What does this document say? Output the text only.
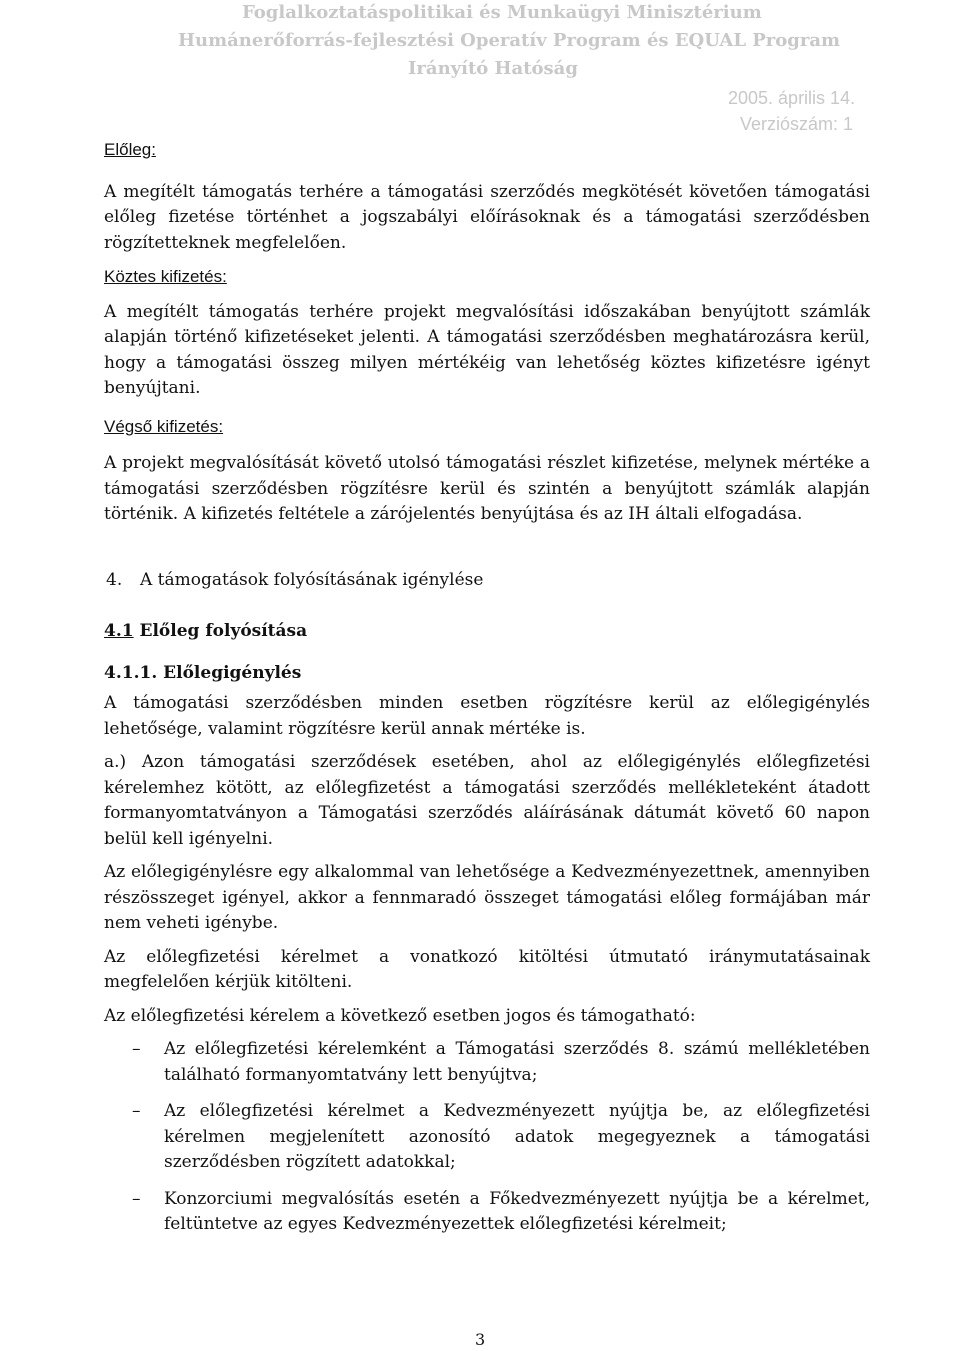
Foglalkoztatáspolitikai és Munkaügyi Minisztérium
Humánerőforrás-fejlesztési Operatív Program és EQUAL Program
Irányító Hatóság
2005. április 14.
Verziószám: 1
Előleg:

A megítélt támogatás terhére a támogatási szerződés megkötését követően támogatási előleg fizetése történhet a jogszabályi előírásoknak és a támogatási szerződésben rögzítetteknek megfelelően.

Köztes kifizetés:

A megítélt támogatás terhére projekt megvalósítási időszakában benyújtott számlák alapján történő kifizetéseket jelenti. A támogatási szerződésben meghatározásra kerül, hogy a támogatási összeg milyen mértékéig van lehetőség köztes kifizetésre igényt benyújtani.

Végső kifizetés:

A projekt megvalósítását követő utolsó támogatási részlet kifizetése, melynek mértéke a támogatási szerződésben rögzítésre kerül és szintén a benyújtott számlák alapján történik. A kifizetés feltétele a zárójelentés benyújtása és az IH általi elfogadása.

4. A támogatások folyósításának igénylése
4.1 Előleg folyósítása
4.1.1. Előlegigénylés

A támogatási szerződésben minden esetben rögzítésre kerül az előlegigénylés lehetősége, valamint rögzítésre kerül annak mértéke is.

a.) Azon támogatási szerződések esetében, ahol az előlegigénylés előlegfizetési kérelemhez kötött, az előlegfizetést a támogatási szerződés mellékleteként átadott formanyomtatványon a Támogatási szerződés aláírásának dátumát követő 60 napon belül kell igényelni.

Az előlegigénylésre egy alkalommal van lehetősége a Kedvezményezettnek, amennyiben részösszeget igényel, akkor a fennmaradó összeget támogatási előleg formájában már nem veheti igénybe.

Az előlegfizetési kérelmet a vonatkozó kitöltési útmutató iránymutatásainak megfelelően kérjük kitölteni.

Az előlegfizetési kérelem a következő esetben jogos és támogatható:

– Az előlegfizetési kérelemként a Támogatási szerződés 8. számú mellékletében található formanyomtatvány lett benyújtva;
– Az előlegfizetési kérelmet a Kedvezményezett nyújtja be, az előlegfizetési kérelmen megjelenített azonosító adatok megegyeznek a támogatási szerződésben rögzített adatokkal;
– Konzorciumi megvalósítás esetén a Főkedvezményezett nyújtja be a kérelmet, feltüntetve az egyes Kedvezményezettek előlegfizetési kérelmeit;
3
